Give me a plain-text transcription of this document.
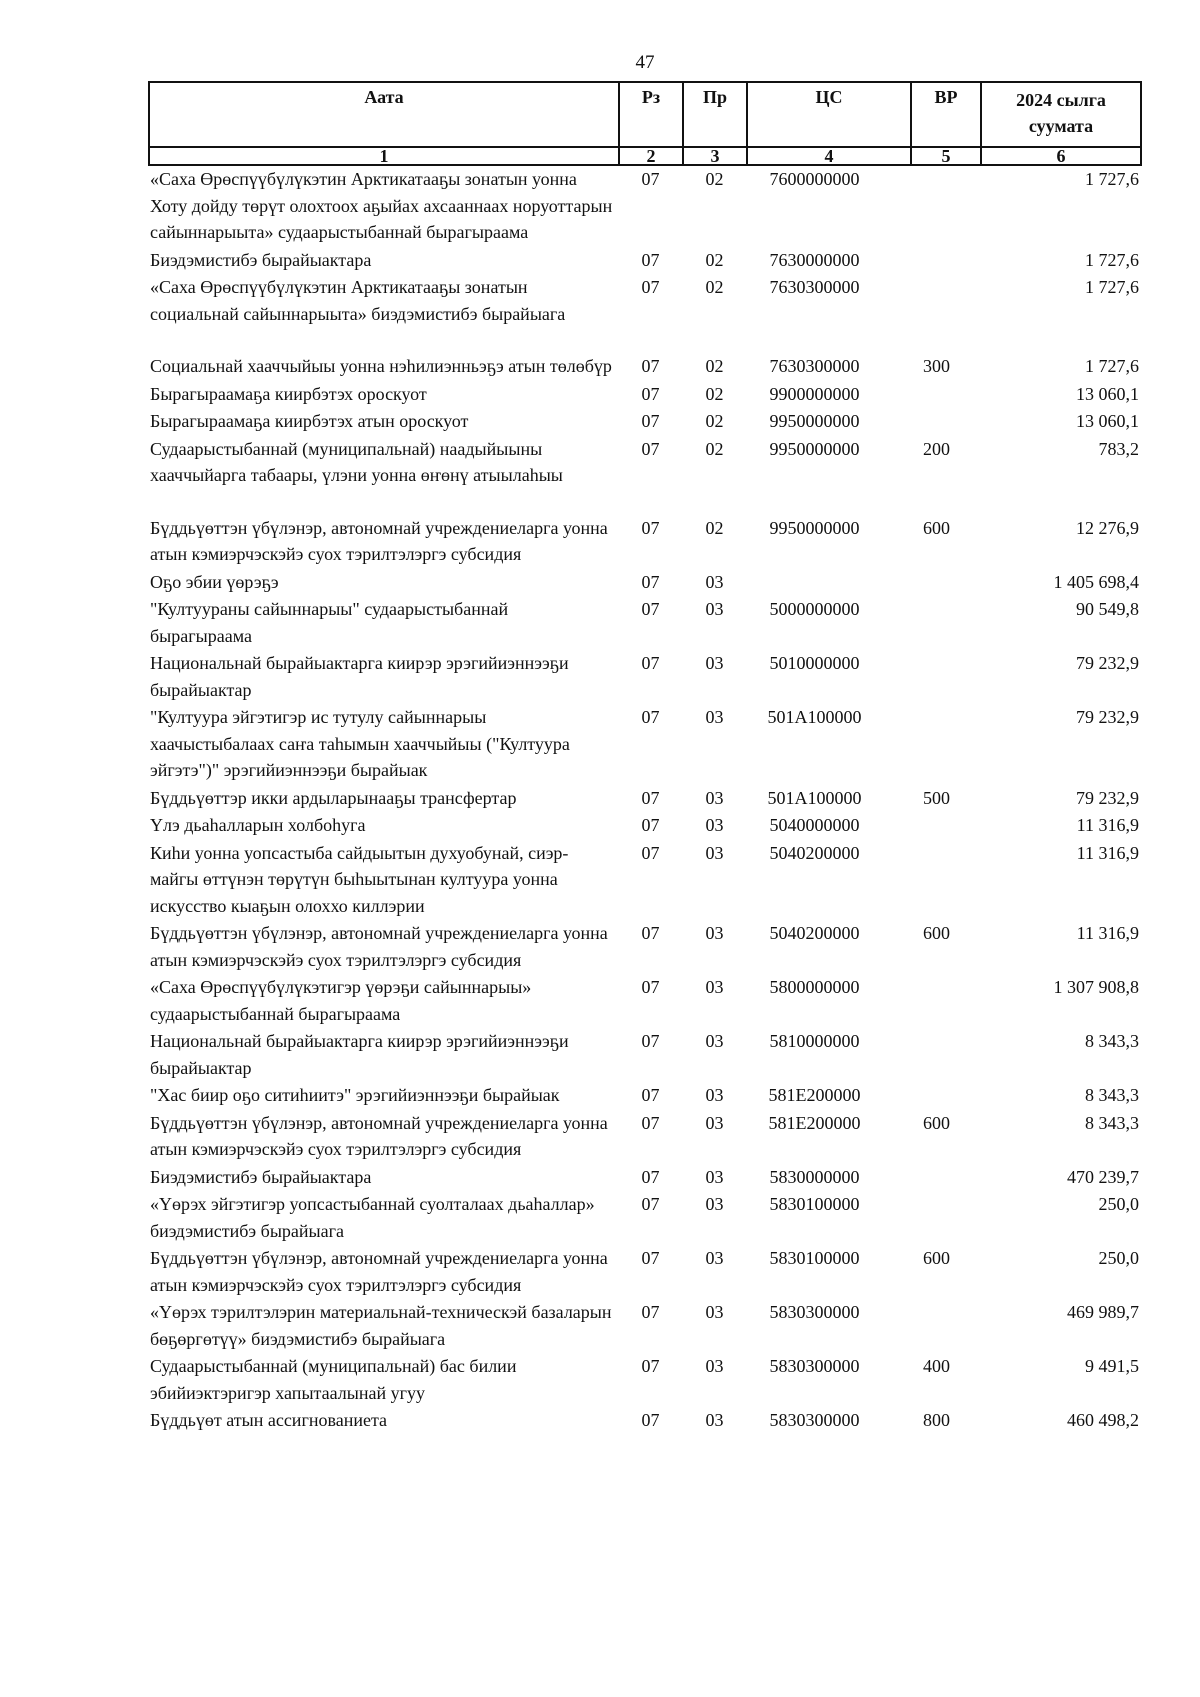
47
Аата	Рз	Пр	ЦС	ВР	2024 сылга суумата
1	2	3	4	5	6
«Саха Өрөспүүбүлүкэтин Арктикатааҕы зонатын уонна Хоту дойду төрүт олохтоох аҕыйах ахсааннаах норуоттарын сайыннарыыта» судаарыстыбаннай бырагыраама	07	02	7600000000		1 727,6
Биэдэмистибэ бырайыактара	07	02	7630000000		1 727,6
«Саха Өрөспүүбүлүкэтин Арктикатааҕы зонатын социальнай сайыннарыыта» биэдэмистибэ бырайыага	07	02	7630300000		1 727,6
Социальнай хааччыйыы уонна нэһилиэнньэҕэ атын төлөбүр	07	02	7630300000	300	1 727,6
Бырагыраамаҕа киирбэтэх ороскуот	07	02	9900000000		13 060,1
Бырагыраамаҕа киирбэтэх атын ороскуот	07	02	9950000000		13 060,1
Судаарыстыбаннай (муниципальнай) наадыйыыны хааччыйарга табаары, үлэни уонна өҥөнү атыылаһыы	07	02	9950000000	200	783,2
Бүддьүөттэн үбүлэнэр, автономнай учреждениеларга уонна атын кэмиэрчэскэйэ суох тэрилтэлэргэ субсидия	07	02	9950000000	600	12 276,9
Оҕо эбии үөрэҕэ	07	03			1 405 698,4
"Култуураны сайыннарыы" судаарыстыбаннай бырагыраама	07	03	5000000000		90 549,8
Национальнай бырайыактарга киирэр эрэгийиэннээҕи бырайыактар	07	03	5010000000		79 232,9
"Култуура эйгэтигэр ис тутулу сайыннарыы хаачыстыбалаах саҥа таһымын хааччыйыы ("Култуура эйгэтэ")" эрэгийиэннээҕи бырайыак	07	03	501A100000		79 232,9
Бүддьүөттэр икки ардыларынааҕы трансфертар	07	03	501A100000	500	79 232,9
Үлэ дьаһалларын холбоһуга	07	03	5040000000		11 316,9
Киһи уонна уопсастыба сайдыытын духуобунай, сиэр-майгы өттүнэн төрүтүн быһыытынан култуура уонна искусство кыаҕын олоххо киллэрии	07	03	5040200000		11 316,9
Бүддьүөттэн үбүлэнэр, автономнай учреждениеларга уонна атын кэмиэрчэскэйэ суох тэрилтэлэргэ субсидия	07	03	5040200000	600	11 316,9
«Саха Өрөспүүбүлүкэтигэр үөрэҕи сайыннарыы» судаарыстыбаннай бырагыраама	07	03	5800000000		1 307 908,8
Национальнай бырайыактарга киирэр эрэгийиэннээҕи бырайыактар	07	03	5810000000		8 343,3
"Хас биир оҕо ситиһиитэ" эрэгийиэннээҕи бырайыак	07	03	581E200000		8 343,3
Бүддьүөттэн үбүлэнэр, автономнай учреждениеларга уонна атын кэмиэрчэскэйэ суох тэрилтэлэргэ субсидия	07	03	581E200000	600	8 343,3
Биэдэмистибэ бырайыактара	07	03	5830000000		470 239,7
«Үөрэх эйгэтигэр уопсастыбаннай суолталаах дьаһаллар» биэдэмистибэ бырайыага	07	03	5830100000		250,0
Бүддьүөттэн үбүлэнэр, автономнай учреждениеларга уонна атын кэмиэрчэскэйэ суох тэрилтэлэргэ субсидия	07	03	5830100000	600	250,0
«Үөрэх тэрилтэлэрин материальнай-техническэй базаларын бөҕөргөтүү» биэдэмистибэ бырайыага	07	03	5830300000		469 989,7
Судаарыстыбаннай (муниципальнай) бас билии эбийиэктэригэр хапытаалынай угуу	07	03	5830300000	400	9 491,5
Бүддьүөт атын ассигнованиета	07	03	5830300000	800	460 498,2
